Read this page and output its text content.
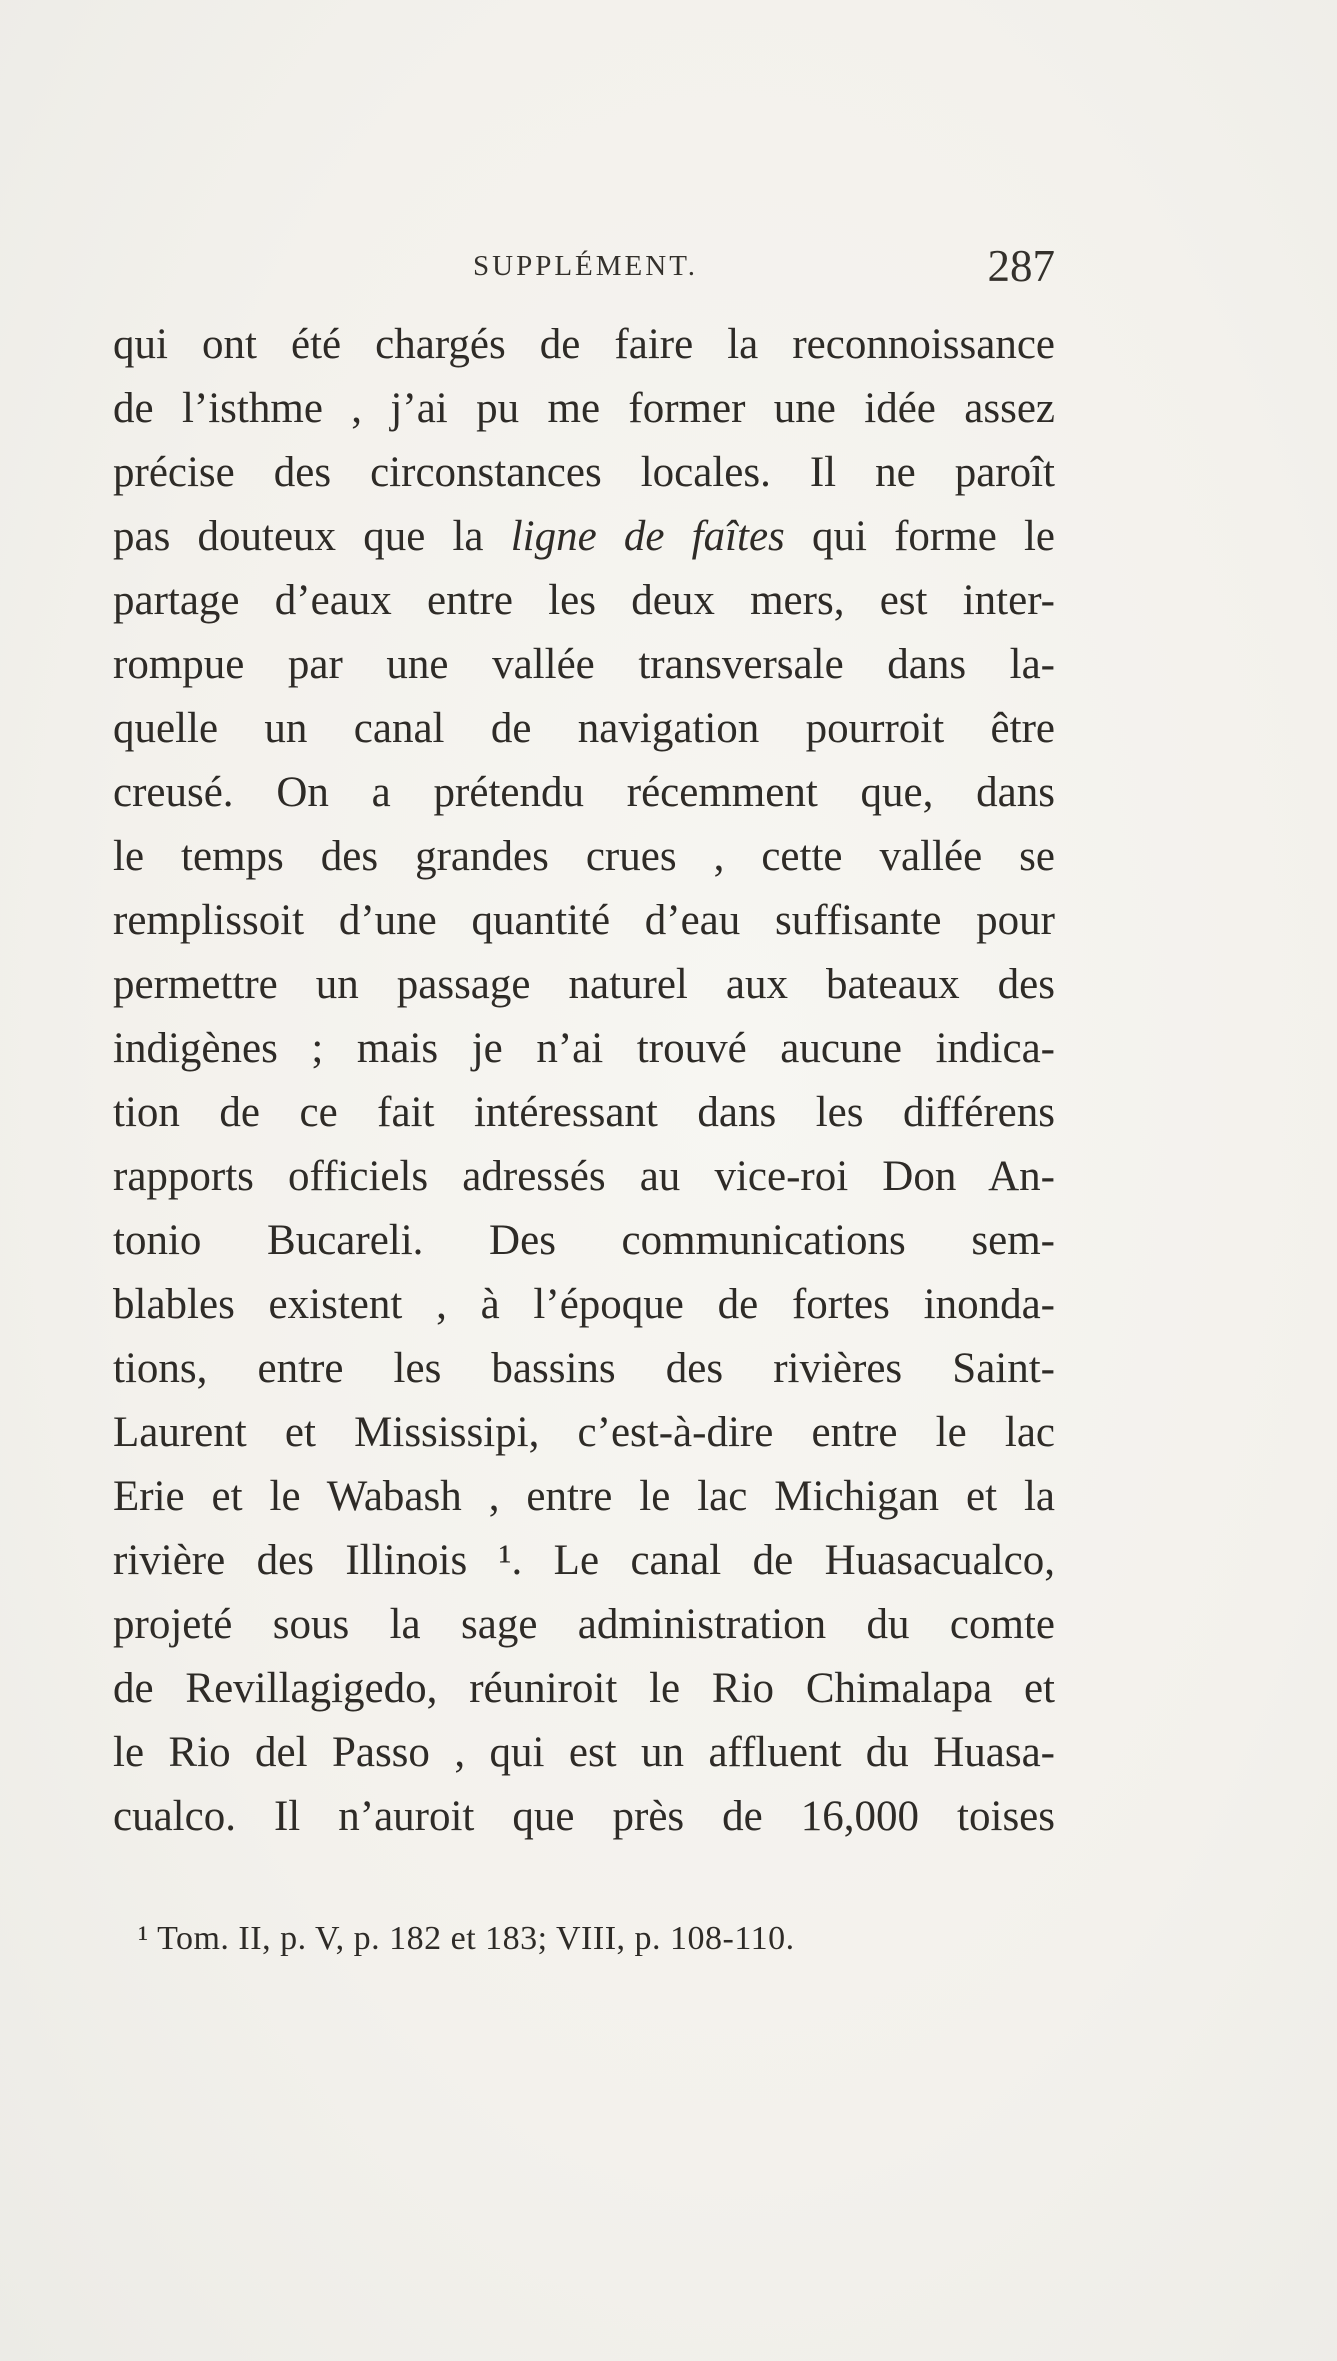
SUPPLÉMENT.	287
qui ont été chargés de faire la reconnoissance
de l’isthme , j’ai pu me former une idée assez
précise des circonstances locales. Il ne paroît
pas douteux que la ligne de faîtes qui forme le
partage d’eaux entre les deux mers, est inter-
rompue par une vallée transversale dans la-
quelle un canal de navigation pourroit être
creusé. On a prétendu récemment que, dans
le temps des grandes crues , cette vallée se
remplissoit d’une quantité d’eau suffisante pour
permettre un passage naturel aux bateaux des
indigènes ; mais je n’ai trouvé aucune indica-
tion de ce fait intéressant dans les différens
rapports officiels adressés au vice-roi Don An-
tonio Bucareli. Des communications sem-
blables existent , à l’époque de fortes inonda-
tions, entre les bassins des rivières Saint-
Laurent et Mississipi, c’est-à-dire entre le lac
Erie et le Wabash , entre le lac Michigan et la
rivière des Illinois ¹. Le canal de Huasacualco,
projeté sous la sage administration du comte
de Revillagigedo, réuniroit le Rio Chimalapa et
le Rio del Passo , qui est un affluent du Huasa-
cualco. Il n’auroit que près de 16,000 toises
¹ Tom. II, p. V, p. 182 et 183; VIII, p. 108-110.
